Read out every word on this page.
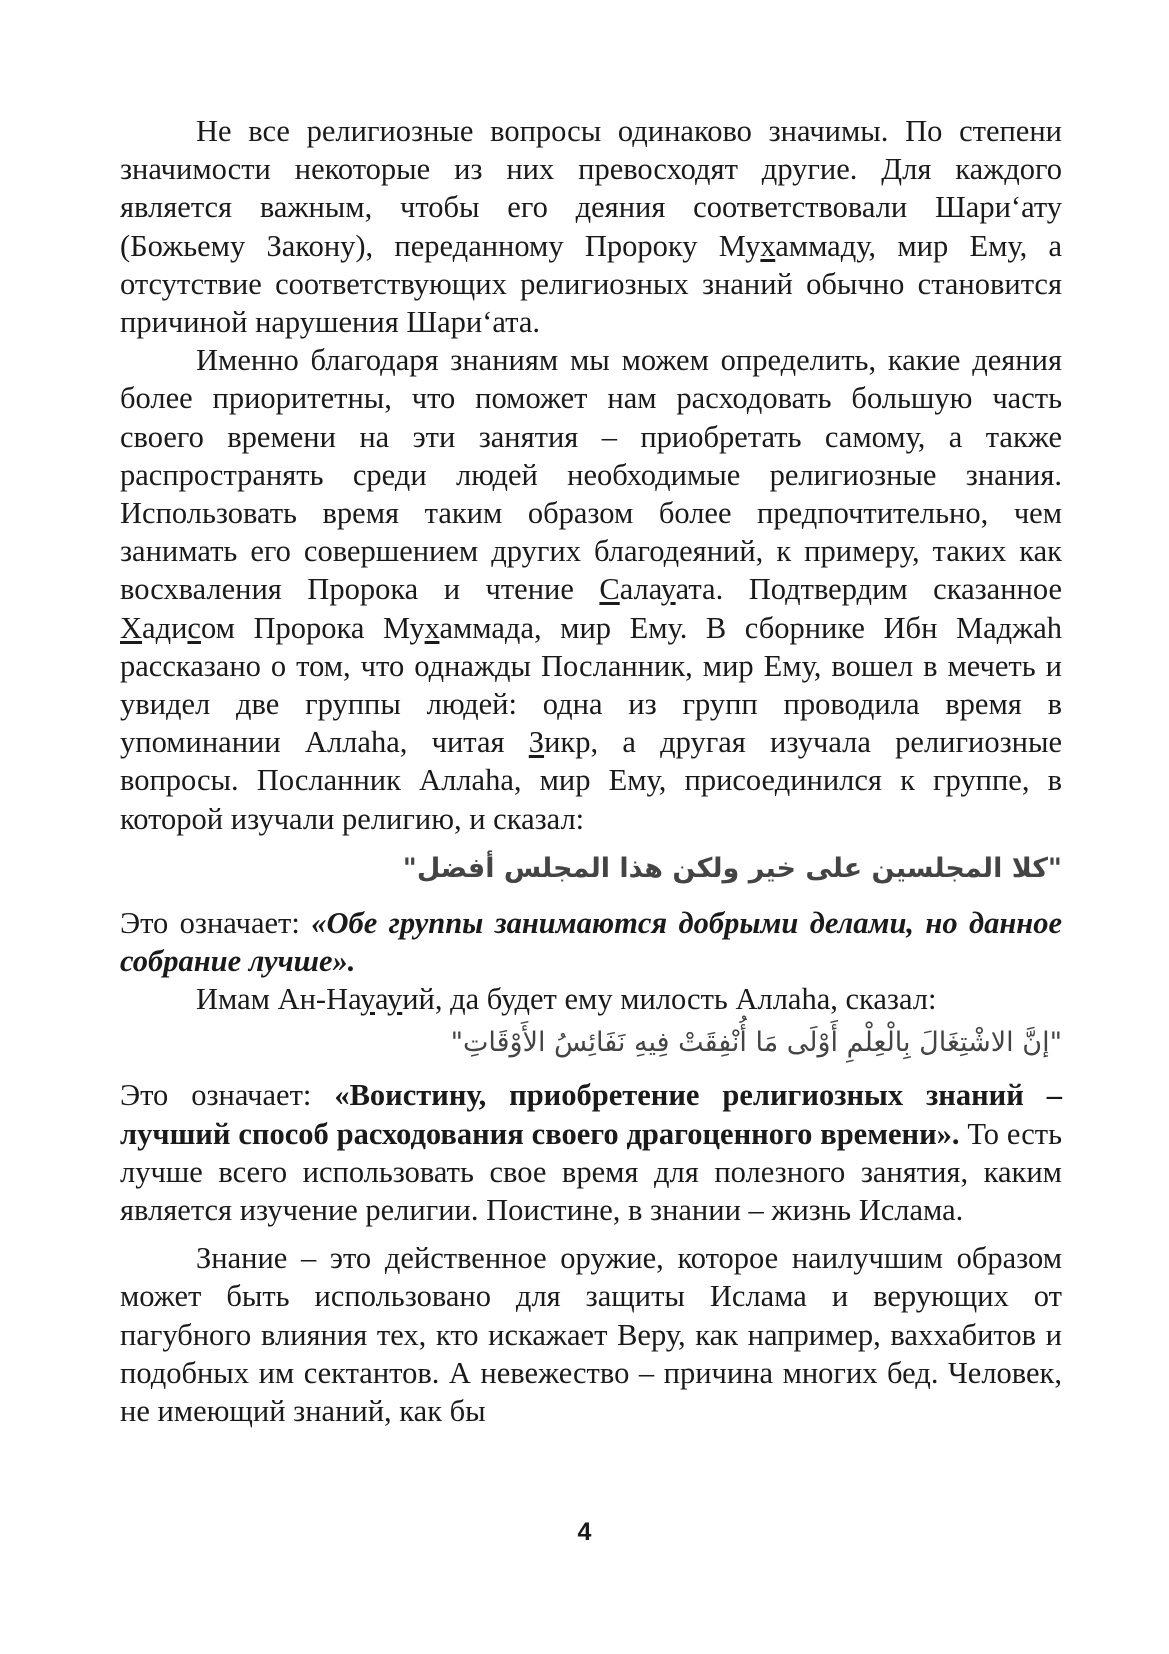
Не все религиозные вопросы одинаково значимы. По степени значимости некоторые из них превосходят другие. Для каждого является важным, чтобы его деяния соответствовали Шари‘ату (Божьему Закону), переданному Пророку Мухаммаду, мир Ему, а отсутствие соответствующих религиозных знаний обычно становится причиной нарушения Шари‘ата.

Именно благодаря знаниям мы можем определить, какие деяния более приоритетны, что поможет нам расходовать большую часть своего времени на эти занятия – приобретать самому, а также распространять среди людей необходимые религиозные знания. Использовать время таким образом более предпочтительно, чем занимать его совершением других благодеяний, к примеру, таких как восхваления Пророка и чтение Салауата. Подтвердим сказанное Хадисом Пророка Мухаммада, мир Ему. В сборнике Ибн Маджаh рассказано о том, что однажды Посланник, мир Ему, вошел в мечеть и увидел две группы людей: одна из групп проводила время в упоминании Аллаhа, читая Зикр, а другая изучала религиозные вопросы. Посланник Аллаhа, мир Ему, присоединился к группе, в которой изучали религию, и сказал:

"كلا المجلسين على خير ولكن هذا المجلس أفضل"

Это означает: «Обе группы занимаются добрыми делами, но данное собрание лучше».

Имам Ан-Науауий, да будет ему милость Аллаhа, сказал:

"إنَّ الاشْتِغَالَ بِالْعِلْمِ أَوْلَى مَا أُنْفِقَتْ فِيهِ نَفَائِسُ الأَوْقَاتِ"

Это означает: «Воистину, приобретение религиозных знаний – лучший способ расходования своего драгоценного времени». То есть лучше всего использовать свое время для полезного занятия, каким является изучение религии. Поистине, в знании – жизнь Ислама.

Знание – это действенное оружие, которое наилучшим образом может быть использовано для защиты Ислама и верующих от пагубного влияния тех, кто искажает Веру, как например, ваххабитов и подобных им сектантов. А невежество – причина многих бед. Человек, не имеющий знаний, как бы

4
